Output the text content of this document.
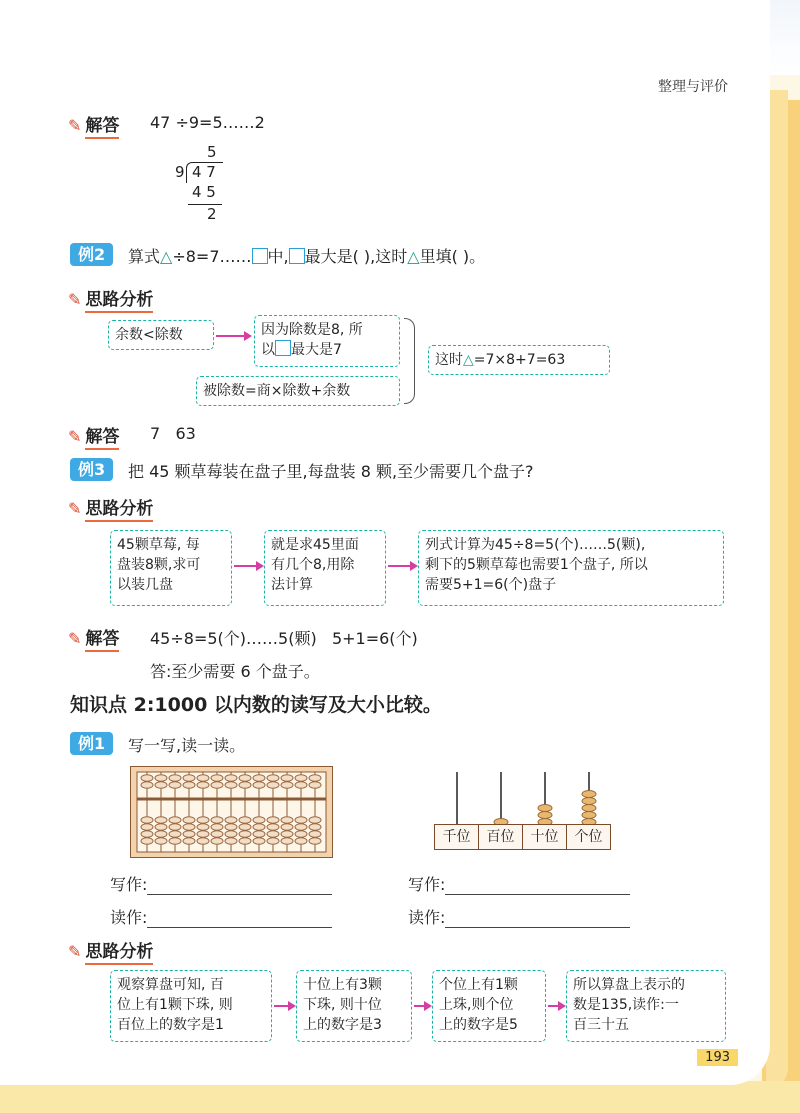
整理与评价
✎ 解答 47 ÷9=5……2
5
9 4 7
4 5
2
例2	算式△÷8=7…… 中, 最大是( ),这时△里填( )。
✎ 思路分析
余数<除数	因为除数是8, 所
以 最大是7
被除数=商×除数+余数
这时△=7×8+7=63
✎ 解答 7   63
例3	把 45 颗草莓装在盘子里,每盘装 8 颗,至少需要几个盘子?
✎ 思路分析
45颗草莓, 每
盘装8颗,求可
以装几盘
就是求45里面
有几个8,用除
法计算
列式计算为45÷8=5(个)……5(颗),
剩下的5颗草莓也需要1个盘子, 所以
需要5+1=6(个)盘子
✎ 解答 45÷8=5(个)……5(颗)   5+1=6(个)
答:至少需要 6 个盘子。
知识点 2:1000 以内数的读写及大小比较。
例1	写一写,读一读。
千位	百位	十位	个位
写作:
读作:
写作:
读作:
✎ 思路分析
观察算盘可知, 百
位上有1颗下珠, 则
百位上的数字是1
十位上有3颗
下珠, 则十位
上的数字是3
个位上有1颗
上珠,则个位
上的数字是5
所以算盘上表示的
数是135,读作:一
百三十五
193
